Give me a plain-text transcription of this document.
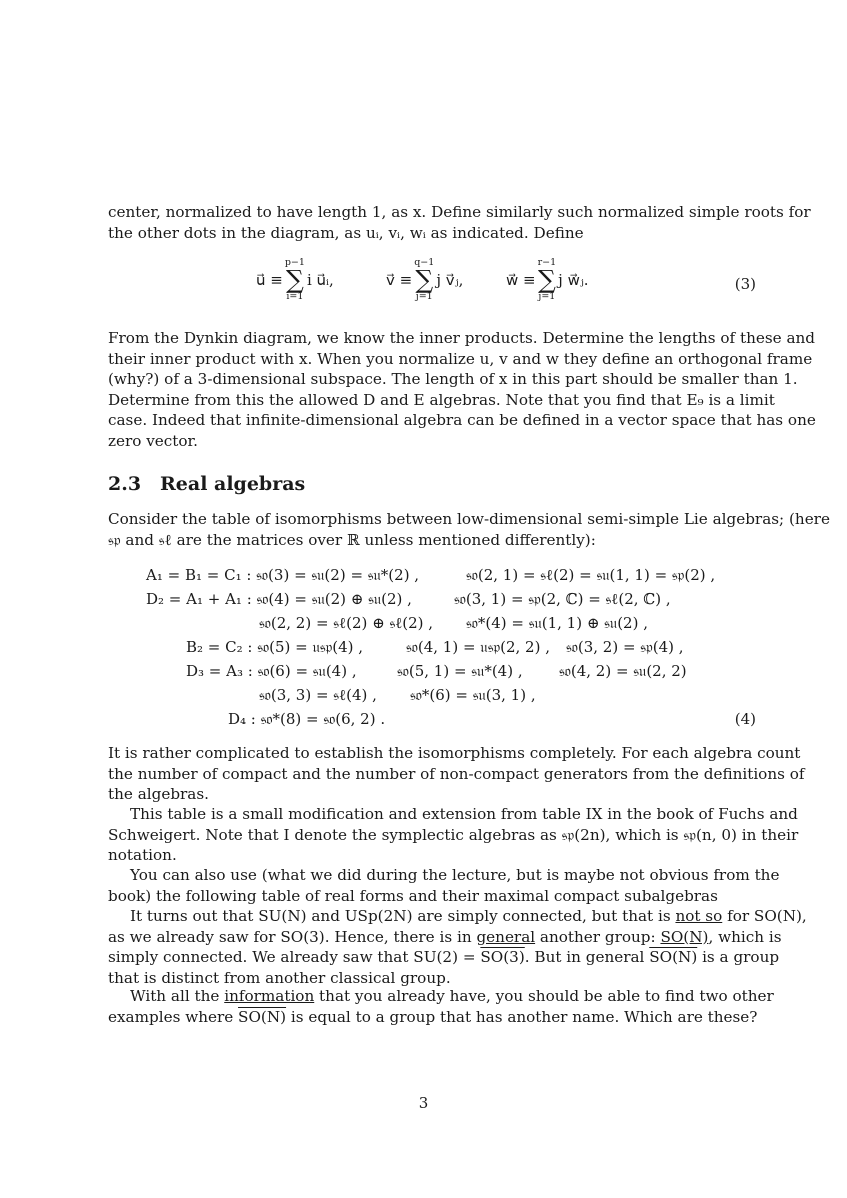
center, normalized to have length 1, as x. Define similarly such normalized simple roots for
the other dots in the diagram, as uᵢ, vᵢ, wᵢ as indicated. Define
u⃗ ≡
p−1
∑
i=1
i u⃗ᵢ,	v⃗ ≡
q−1
∑
j=1
j v⃗ⱼ,	w⃗ ≡
r−1
∑
j=1
j w⃗ⱼ.	(3)
From the Dynkin diagram, we know the inner products. Determine the lengths of these and
their inner product with x. When you normalize u, v and w they define an orthogonal frame
(why?) of a 3-dimensional subspace. The length of x in this part should be smaller than 1.
Determine from this the allowed D and E algebras. Note that you find that E₉ is a limit
case. Indeed that infinite-dimensional algebra can be defined in a vector space that has one
zero vector.
2.3 Real algebras
Consider the table of isomorphisms between low-dimensional semi-simple Lie algebras; (here
𝔰𝔭 and 𝔰ℓ are the matrices over ℝ unless mentioned differently):
A₁ = B₁ = C₁ : 𝔰𝔬(3) = 𝔰𝔲(2) = 𝔰𝔲*(2) ,	𝔰𝔬(2, 1) = 𝔰ℓ(2) = 𝔰𝔲(1, 1) = 𝔰𝔭(2) ,
D₂ = A₁ + A₁ : 𝔰𝔬(4) = 𝔰𝔲(2) ⊕ 𝔰𝔲(2) ,	𝔰𝔬(3, 1) = 𝔰𝔭(2, ℂ) = 𝔰ℓ(2, ℂ) ,
𝔰𝔬(2, 2) = 𝔰ℓ(2) ⊕ 𝔰ℓ(2) , 𝔰𝔬*(4) = 𝔰𝔲(1, 1) ⊕ 𝔰𝔲(2) ,
B₂ = C₂ : 𝔰𝔬(5) = 𝔲𝔰𝔭(4) ,	𝔰𝔬(4, 1) = 𝔲𝔰𝔭(2, 2) , 𝔰𝔬(3, 2) = 𝔰𝔭(4) ,
D₃ = A₃ : 𝔰𝔬(6) = 𝔰𝔲(4) ,	𝔰𝔬(5, 1) = 𝔰𝔲*(4) , 𝔰𝔬(4, 2) = 𝔰𝔲(2, 2)
𝔰𝔬(3, 3) = 𝔰ℓ(4) , 𝔰𝔬*(6) = 𝔰𝔲(3, 1) ,
D₄ : 𝔰𝔬*(8) = 𝔰𝔬(6, 2) .	(4)
It is rather complicated to establish the isomorphisms completely. For each algebra count
the number of compact and the number of non-compact generators from the definitions of
the algebras.
This table is a small modification and extension from table IX in the book of Fuchs and
Schweigert. Note that I denote the symplectic algebras as 𝔰𝔭(2n), which is 𝔰𝔭(n, 0) in their
notation.
You can also use (what we did during the lecture, but is maybe not obvious from the
book) the following table of real forms and their maximal compact subalgebras
It turns out that SU(N) and USp(2N) are simply connected, but that is not so for SO(N),
as we already saw for SO(3). Hence, there is in general another group: SO(N), which is
simply connected. We already saw that SU(2) = SO(3). But in general SO(N) is a group
that is distinct from another classical group.
With all the information that you already have, you should be able to find two other
examples where SO(N) is equal to a group that has another name. Which are these?
3
